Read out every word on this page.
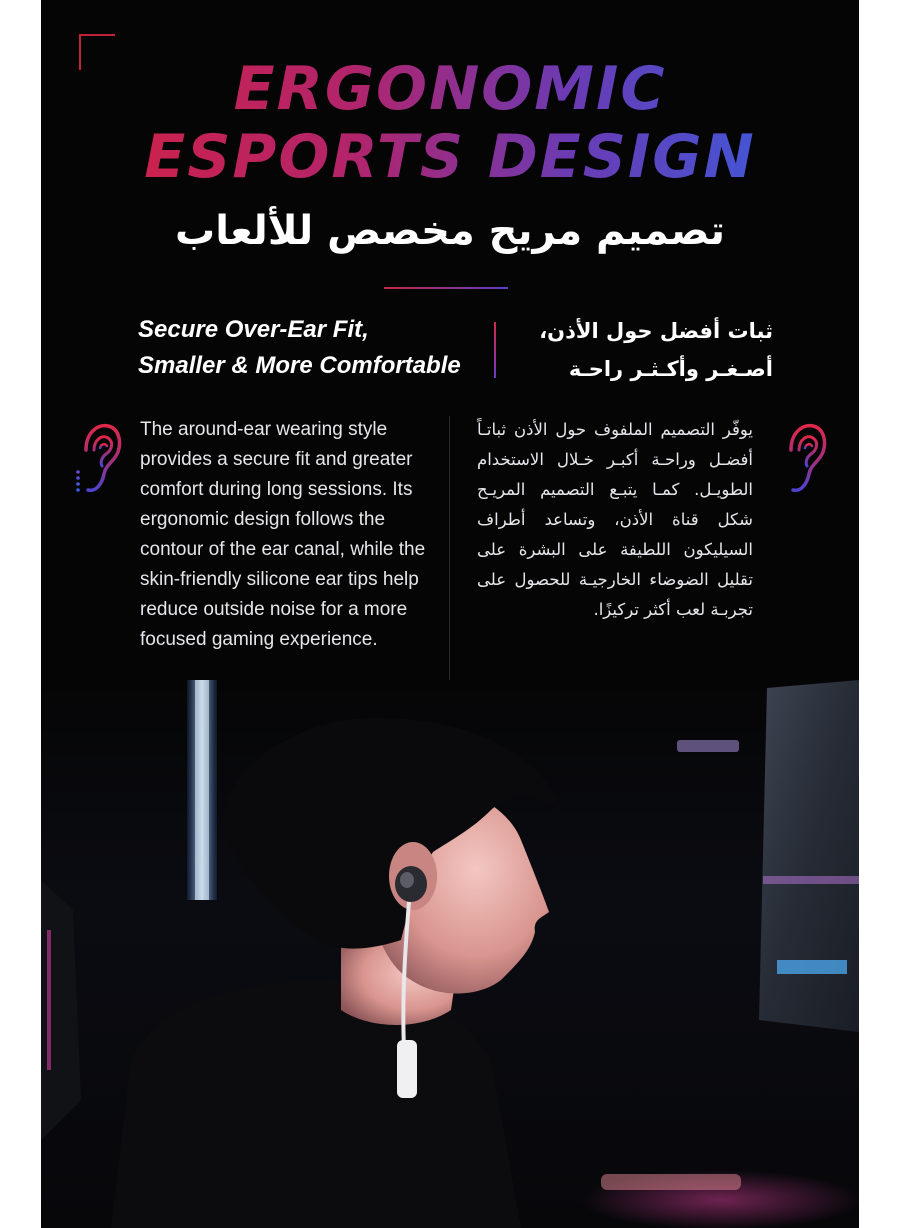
ERGONOMIC
ESPORTS DESIGN
تصميم مريح مخصص للألعاب
Secure Over-Ear Fit,
Smaller & More Comfortable
ثبات أفضل حول الأذن،
أصـغـر وأكـثـر راحـة

The around-ear wearing style provides a secure fit and greater comfort during long sessions. Its ergonomic design follows the contour of the ear canal, while the skin-friendly silicone ear tips help reduce outside noise for a more focused gaming experience.

يوفّر التصميم الملفوف حول الأذن ثباتـاً أفضـل وراحـة أكبـر خـلال الاستخدام الطويـل. كمـا يتبـع التصميم المريـح شكل قناة الأذن، وتساعد أطراف السيليكون اللطيفة على البشرة على تقليل الضوضاء الخارجيـة للحصول على تجربـة لعب أكثر تركيزًا.
